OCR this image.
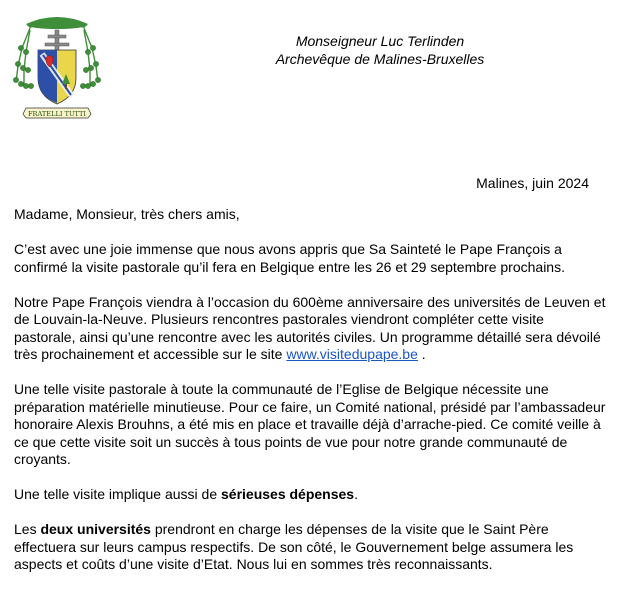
FRATELLI TUTTI
Monseigneur Luc Terlinden
Archevêque de Malines-Bruxelles
Malines, juin 2024

Madame, Monsieur, très chers amis,

C’est avec une joie immense que nous avons appris que Sa Sainteté le Pape François a confirmé la visite pastorale qu’il fera en Belgique entre les 26 et 29 septembre prochains.

Notre Pape François viendra à l’occasion du 600ème anniversaire des universités de Leuven et de Louvain-la-Neuve. Plusieurs rencontres pastorales viendront compléter cette visite pastorale, ainsi qu’une rencontre avec les autorités civiles. Un programme détaillé sera dévoilé très prochainement et accessible sur le site www.visitedupape.be .

Une telle visite pastorale à toute la communauté de l’Eglise de Belgique nécessite une préparation matérielle minutieuse. Pour ce faire, un Comité national, présidé par l’ambassadeur honoraire Alexis Brouhns, a été mis en place et travaille déjà d’arrache-pied. Ce comité veille à ce que cette visite soit un succès à tous points de vue pour notre grande communauté de croyants.

Une telle visite implique aussi de sérieuses dépenses.

Les deux universités prendront en charge les dépenses de la visite que le Saint Père effectuera sur leurs campus respectifs. De son côté, le Gouvernement belge assumera les aspects et coûts d’une visite d’Etat. Nous lui en sommes très reconnaissants.
